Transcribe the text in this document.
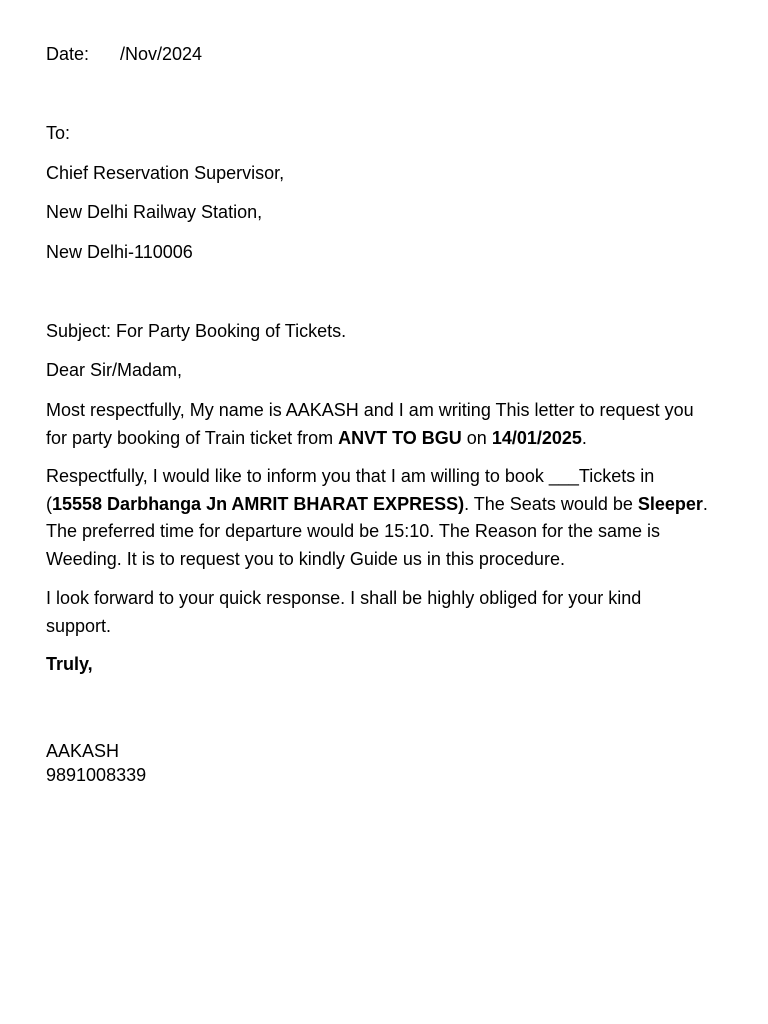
Date: /Nov/2024
To:
Chief Reservation Supervisor,
New Delhi Railway Station,
New Delhi-110006
Subject: For Party Booking of Tickets.
Dear Sir/Madam,
Most respectfully, My name is AAKASH and I am writing This letter to request you for party booking of Train ticket from ANVT TO BGU on 14/01/2025.
Respectfully, I would like to inform you that I am willing to book ___Tickets in (15558 Darbhanga Jn AMRIT BHARAT EXPRESS). The Seats would be Sleeper. The preferred time for departure would be 15:10. The Reason for the same is Weeding. It is to request you to kindly Guide us in this procedure.
I look forward to your quick response. I shall be highly obliged for your kind support.
Truly,
AAKASH
9891008339
